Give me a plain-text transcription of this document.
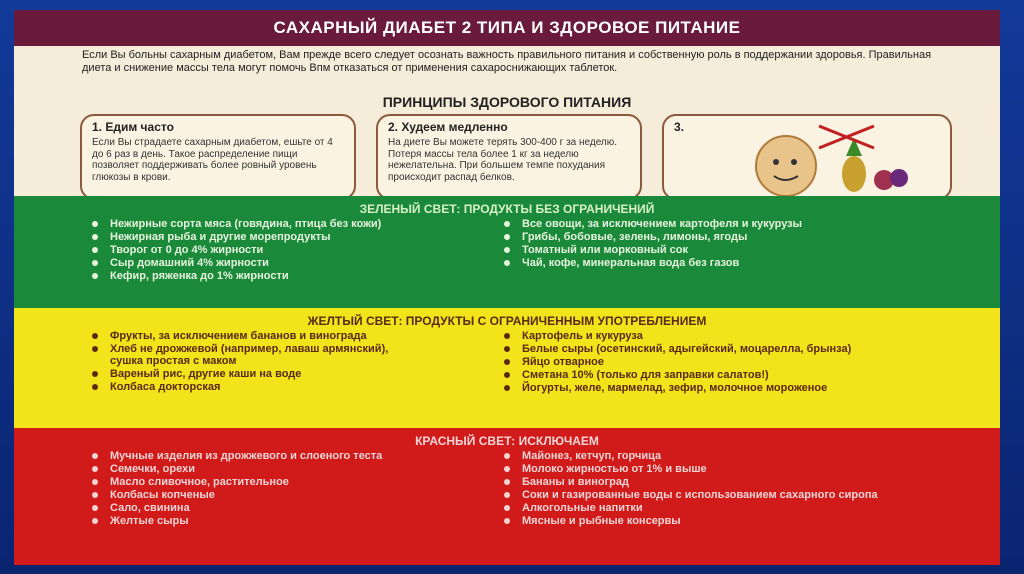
САХАРНЫЙ ДИАБЕТ 2 ТИПА И ЗДОРОВОЕ ПИТАНИЕ
Если Вы больны сахарным диабетом, Вам прежде всего следует осознать важность правильного питания и собственную роль в поддержании здоровья. Правильная диета и снижение массы тела могут помочь Впм отказаться от применения сахароснижающих таблеток.
ПРИНЦИПЫ ЗДОРОВОГО ПИТАНИЯ
1. Едим часто
Если Вы страдаете сахарным диабетом, ешьте от 4 до 6 раз в день. Такое распределение пищи позволяет поддерживать более ровный уровень глюкозы в крови.
2. Худеем медленно
На диете Вы можете терять 300-400 г за неделю. Потеря массы тела более 1 кг за неделю нежелательна. При большем темпе похудания происходит распад белков.
3.
ЗЕЛЕНЫЙ СВЕТ: ПРОДУКТЫ БЕЗ ОГРАНИЧЕНИЙ
Нежирные сорта мяса (говядина, птица без кожи)
Нежирная рыба и другие морепродукты
Творог от 0 до 4% жирности
Сыр домашний 4% жирности
Кефир, ряженка до 1% жирности
Все овощи, за исключением картофеля и кукурузы
Грибы, бобовые, зелень, лимоны, ягоды
Томатный или морковный сок
Чай, кофе, минеральная вода без газов
ЖЕЛТЫЙ СВЕТ: ПРОДУКТЫ С ОГРАНИЧЕННЫМ УПОТРЕБЛЕНИЕМ
Фрукты, за исключением бананов и винограда
Хлеб не дрожжевой (например, лаваш армянский), сушка простая с маком
Вареный рис, другие каши на воде
Колбаса докторская
Картофель и кукуруза
Белые сыры (осетинский, адыгейский, моцарелла, брынза)
Яйцо отварное
Сметана 10% (только для заправки салатов!)
Йогурты, желе, мармелад, зефир, молочное мороженое
КРАСНЫЙ СВЕТ: ИСКЛЮЧАЕМ
Мучные изделия из дрожжевого и слоеного теста
Семечки, орехи
Масло сливочное, растительное
Колбасы копченые
Сало, свинина
Желтые сыры
Майонез, кетчуп, горчица
Молоко жирностью от 1% и выше
Бананы и виноград
Соки и газированные воды с использованием сахарного сиропа
Алкогольные напитки
Мясные и рыбные консервы
